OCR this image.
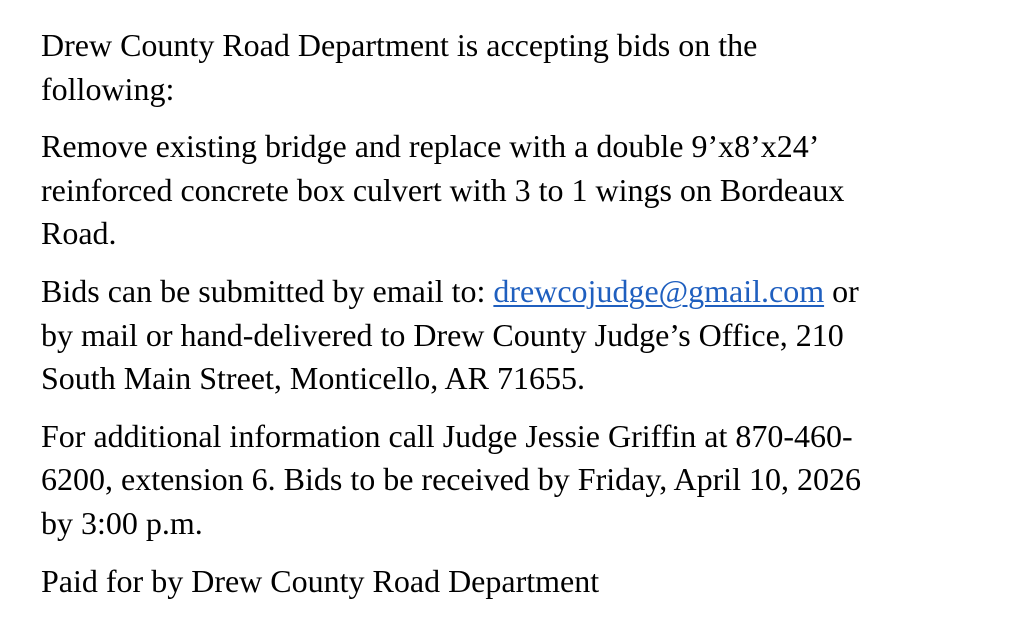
Drew County Road Department is accepting bids on the
following:
Remove existing bridge and replace with a double 9’x8’x24’
reinforced concrete box culvert with 3 to 1 wings on Bordeaux
Road.
Bids can be submitted by email to: drewcojudge@gmail.com or
by mail or hand-delivered to Drew County Judge’s Office, 210
South Main Street, Monticello, AR 71655.
For additional information call Judge Jessie Griffin at 870-460-
6200, extension 6. Bids to be received by Friday, April 10, 2026
by 3:00 p.m.
Paid for by Drew County Road Department
